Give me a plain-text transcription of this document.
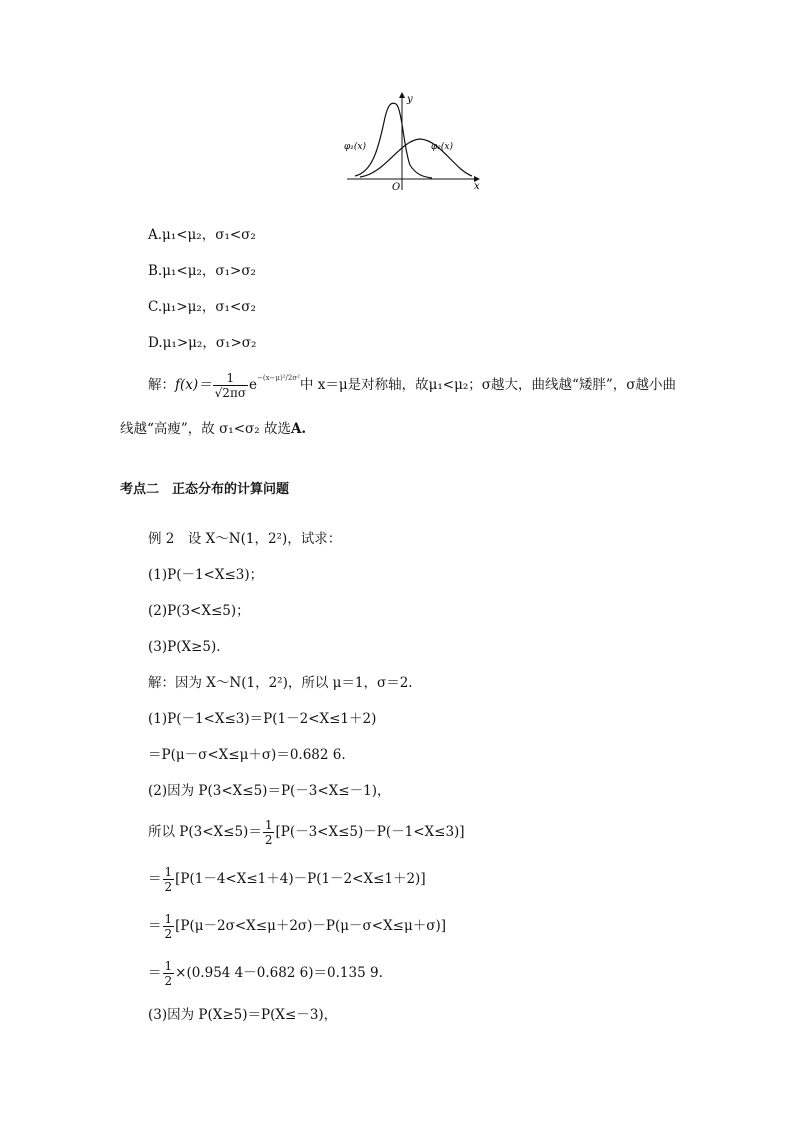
y
x
O
φ₁(x)	φ₂(x)
A.μ₁<μ₂，σ₁<σ₂
B.μ₁<μ₂，σ₁>σ₂
C.μ₁>μ₂，σ₁<σ₂
D.μ₁>μ₂，σ₁>σ₂
解：$f(x)= \frac{1}{√2\pi\sigma} e^{-(x-\mu)^2/2\sigma^2}$中 x＝μ是对称轴，故μ₁<μ₂；σ越大，曲线越“矮胖”，σ越小曲
线越“高瘦”，故 σ₁<σ₂ 故选A.
考点二　正态分布的计算问题
例 2　设 X～N(1，2²)，试求：
(1)P(－1<X≤3)；
(2)P(3<X≤5)；
(3)P(X≥5)．
解：因为 X～N(1，2²)，所以 μ＝1，σ＝2.
(1)P(－1<X≤3)＝P(1－2<X≤1＋2)
＝P(μ－σ<X≤μ＋σ)＝0.682 6.
(2)因为 P(3<X≤5)＝P(－3<X≤－1)，
所以 $P(3<X\le 5)= \frac{1}{2} [P(-3<X\le 5)-P(-1<X\le 3)]$
＝ $\frac{1}{2} [P(1-4<X\le 1+4)-P(1-2<X\le 1+2)]$
＝ $\frac{1}{2} [P(\mu-2\sigma<X\le\mu+2\sigma)-P(\mu-\sigma<X\le\mu+\sigma)]$
＝ $\frac{1}{2} \times(0.954$ 4－0.682 6)＝0.135 9.
(3)因为 P(X≥5)＝P(X≤－3)，
